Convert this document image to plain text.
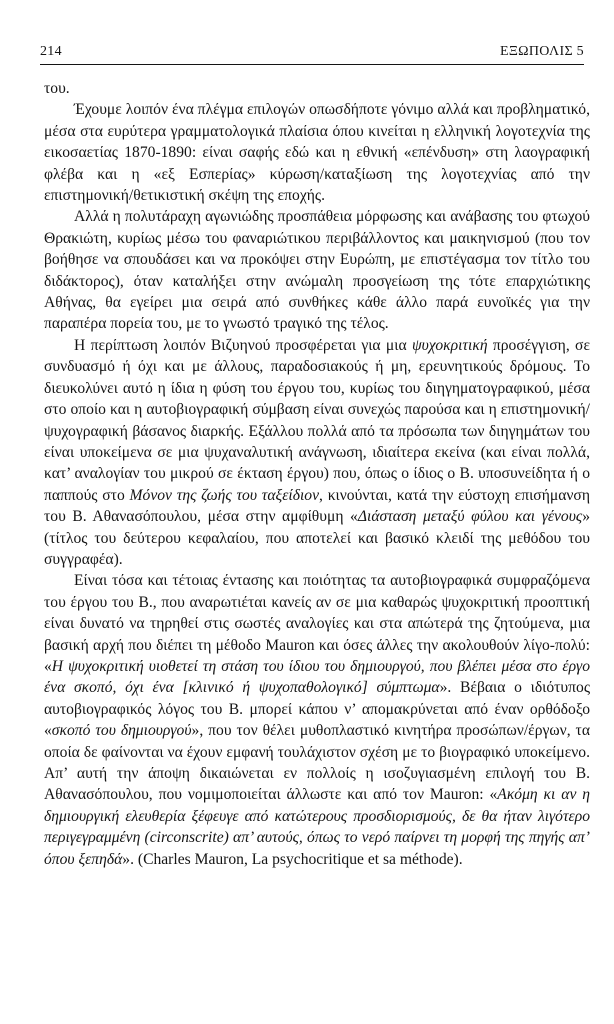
214	ΕΞΩΠΟΛΙΣ 5

του.

Έχουμε λοιπόν ένα πλέγμα επιλογών οπωσδήποτε γόνιμο αλλά και προβληματικό, μέσα στα ευρύτερα γραμματολογικά πλαίσια όπου κινείται η ελληνική λογοτεχνία της εικοσαετίας 1870-1890: είναι σαφής εδώ και η εθνική «επένδυση» στη λαογραφική φλέβα και η «εξ Εσπερίας» κύρωση/καταξίωση της λογοτεχνίας από την επιστημονική/θετικιστική σκέψη της εποχής.

Αλλά η πολυτάραχη αγωνιώδης προσπάθεια μόρφωσης και ανάβασης του φτωχού Θρακιώτη, κυρίως μέσω του φαναριώτικου περιβάλλοντος και μαικηνισμού (που τον βοήθησε να σπουδάσει και να προκόψει στην Ευρώπη, με επιστέγασμα τον τίτλο του διδάκτορος), όταν καταλήξει στην ανώμαλη προσγείωση της τότε επαρχιώτικης Αθήνας, θα εγείρει μια σειρά από συνθήκες κάθε άλλο παρά ευνοϊκές για την παραπέρα πορεία του, με το γνωστό τραγικό της τέλος.

Η περίπτωση λοιπόν Βιζυηνού προσφέρεται για μια ψυχοκριτική προσέγγιση, σε συνδυασμό ή όχι και με άλλους, παραδοσιακούς ή μη, ερευνητικούς δρόμους. Το διευκολύνει αυτό η ίδια η φύση του έργου του, κυρίως του διηγηματογραφικού, μέσα στο οποίο και η αυτοβιογραφική σύμβαση είναι συνεχώς παρούσα και η επιστημονική/ψυχογραφική βάσανος διαρκής. Εξάλλου πολλά από τα πρόσωπα των διηγημάτων του είναι υποκείμενα σε μια ψυχαναλυτική ανάγνωση, ιδιαίτερα εκείνα (και είναι πολλά, κατ’ αναλογίαν του μικρού σε έκταση έργου) που, όπως ο ίδιος ο Β. υποσυνείδητα ή ο παππούς στο Μόνον της ζωής του ταξείδιον, κινούνται, κατά την εύστοχη επισήμανση του Β. Αθανασόπουλου, μέσα στην αμφίθυμη «Διάσταση μεταξύ φύλου και γένους» (τίτλος του δεύτερου κεφαλαίου, που αποτελεί και βασικό κλειδί της μεθόδου του συγγραφέα).

Είναι τόσα και τέτοιας έντασης και ποιότητας τα αυτοβιογραφικά συμφραζόμενα του έργου του Β., που αναρωτιέται κανείς αν σε μια καθαρώς ψυχοκριτική προοπτική είναι δυνατό να τηρηθεί στις σωστές αναλογίες και στα απώτερά της ζητούμενα, μια βασική αρχή που διέπει τη μέθοδο Mauron και όσες άλλες την ακολουθούν λίγο-πολύ: «Η ψυχοκριτική υιοθετεί τη στάση του ίδιου του δημιουργού, που βλέπει μέσα στο έργο ένα σκοπό, όχι ένα [κλινικό ή ψυχοπαθολογικό] σύμπτωμα». Βέβαια ο ιδιότυπος αυτοβιογραφικός λόγος του Β. μπορεί κάπου ν’ απομακρύνεται από έναν ορθόδοξο «σκοπό του δημιουργού», που τον θέλει μυθοπλαστικό κινητήρα προσώπων/έργων, τα οποία δε φαίνονται να έχουν εμφανή τουλάχιστον σχέση με το βιογραφικό υποκείμενο. Απ’ αυτή την άποψη δικαιώνεται εν πολλοίς η ισοζυγιασμένη επιλογή του Β. Αθανασόπουλου, που νομιμοποιείται άλλωστε και από τον Mauron: «Ακόμη κι αν η δημιουργική ελευθερία ξέφευγε από κατώτερους προσδιορισμούς, δε θα ήταν λιγότερο περιγεγραμμένη (circonscrite) απ’ αυτούς, όπως το νερό παίρνει τη μορφή της πηγής απ’ όπου ξεπηδά». (Charles Mauron, La psychocritique et sa méthode).
